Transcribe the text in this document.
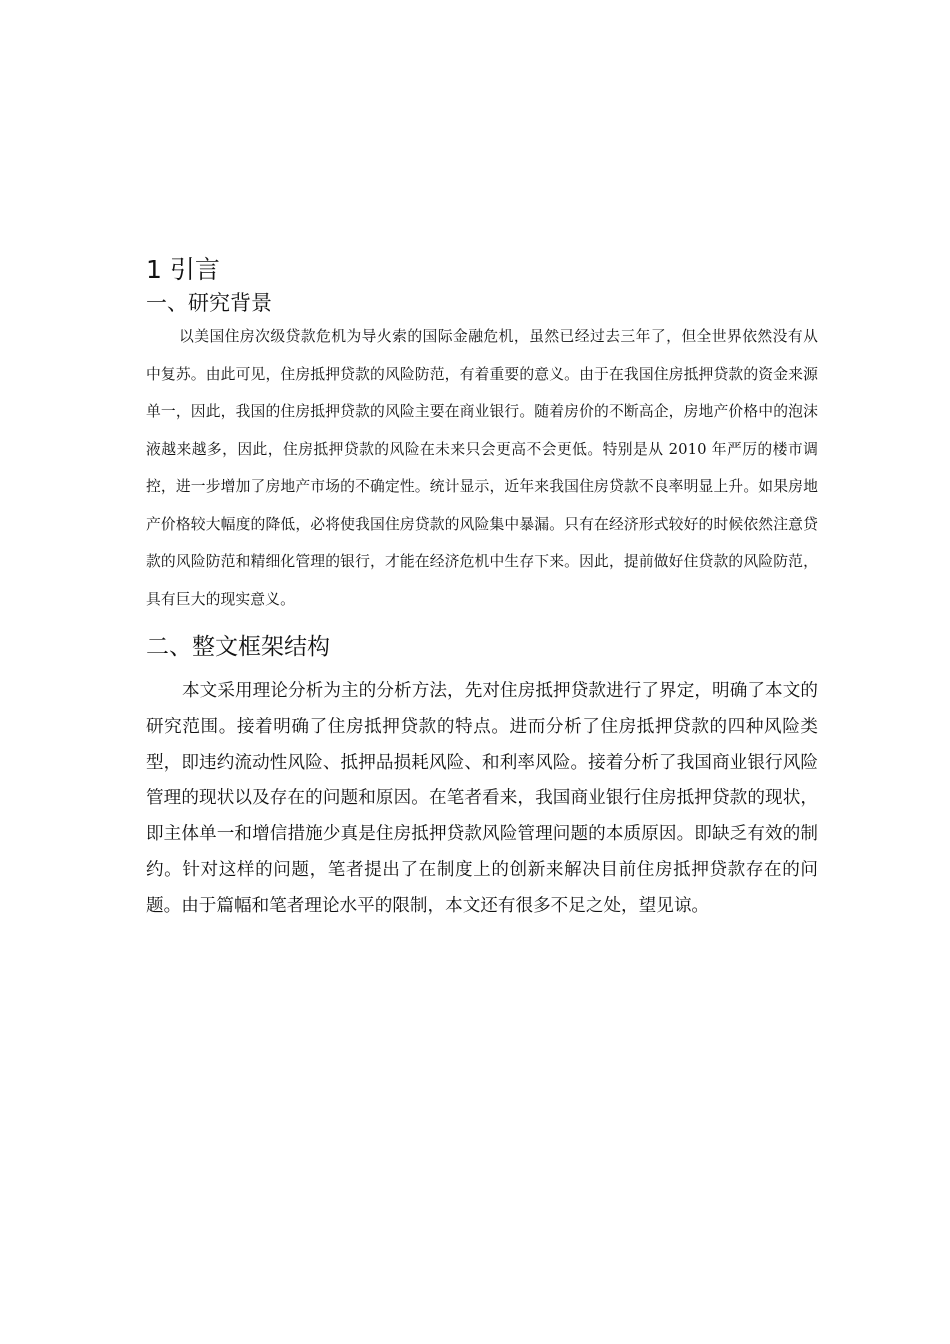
1 引言
一、研究背景

以美国住房次级贷款危机为导火索的国际金融危机，虽然已经过去三年了，但全世界依然没有从中复苏。由此可见，住房抵押贷款的风险防范，有着重要的意义。由于在我国住房抵押贷款的资金来源单一，因此，我国的住房抵押贷款的风险主要在商业银行。随着房价的不断高企，房地产价格中的泡沫液越来越多，因此，住房抵押贷款的风险在未来只会更高不会更低。特别是从 2010 年严厉的楼市调控，进一步增加了房地产市场的不确定性。统计显示，近年来我国住房贷款不良率明显上升。如果房地产价格较大幅度的降低，必将使我国住房贷款的风险集中暴漏。只有在经济形式较好的时候依然注意贷款的风险防范和精细化管理的银行，才能在经济危机中生存下来。因此，提前做好住贷款的风险防范，具有巨大的现实意义。

二、整文框架结构

本文采用理论分析为主的分析方法，先对住房抵押贷款进行了界定，明确了本文的研究范围。接着明确了住房抵押贷款的特点。进而分析了住房抵押贷款的四种风险类型，即违约流动性风险、抵押品损耗风险、和利率风险。接着分析了我国商业银行风险管理的现状以及存在的问题和原因。在笔者看来，我国商业银行住房抵押贷款的现状，即主体单一和增信措施少真是住房抵押贷款风险管理问题的本质原因。即缺乏有效的制约。针对这样的问题，笔者提出了在制度上的创新来解决目前住房抵押贷款存在的问题。由于篇幅和笔者理论水平的限制，本文还有很多不足之处，望见谅。
